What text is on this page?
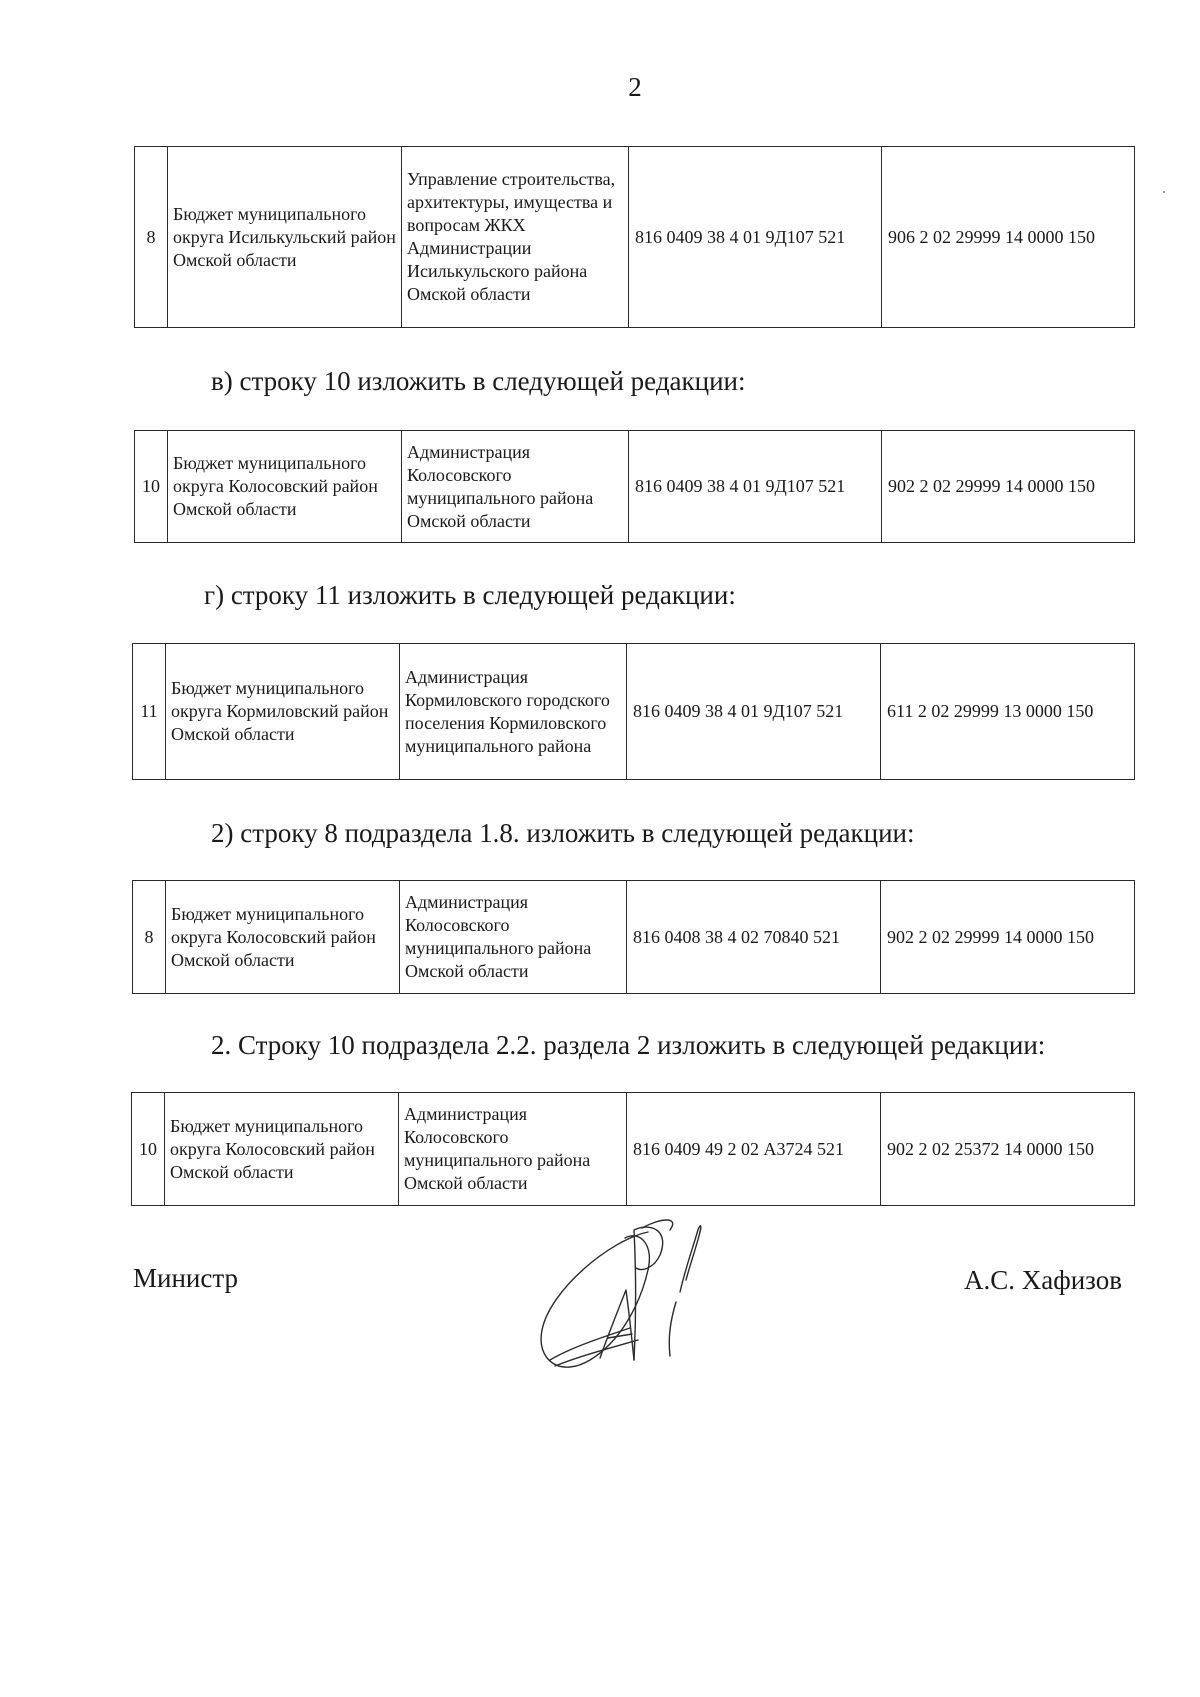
2
8	Бюджет муниципального округа Исилькульский район Омской области	Управление строительства, архитектуры, имущества и вопросам ЖКХ Администрации Исилькульского района Омской области	816 0409 38 4 01 9Д107 521	906 2 02 29999 14 0000 150
в) строку 10 изложить в следующей редакции:
10	Бюджет муниципального округа Колосовский район Омской области	Администрация Колосовского муниципального района Омской области	816 0409 38 4 01 9Д107 521	902 2 02 29999 14 0000 150
г) строку 11 изложить в следующей редакции:
11	Бюджет муниципального округа Кормиловский район Омской области	Администрация Кормиловского городского поселения Кормиловского муниципального района	816 0409 38 4 01 9Д107 521	611 2 02 29999 13 0000 150
2) строку 8 подраздела 1.8. изложить в следующей редакции:
8	Бюджет муниципального округа Колосовский район Омской области	Администрация Колосовского муниципального района Омской области	816 0408 38 4 02 70840 521	902 2 02 29999 14 0000 150
2. Строку 10 подраздела 2.2. раздела 2 изложить в следующей редакции:
10	Бюджет муниципального округа Колосовский район Омской области	Администрация Колосовского муниципального района Омской области	816 0409 49 2 02 А3724 521	902 2 02 25372 14 0000 150
Министр	А.С. Хафизов
